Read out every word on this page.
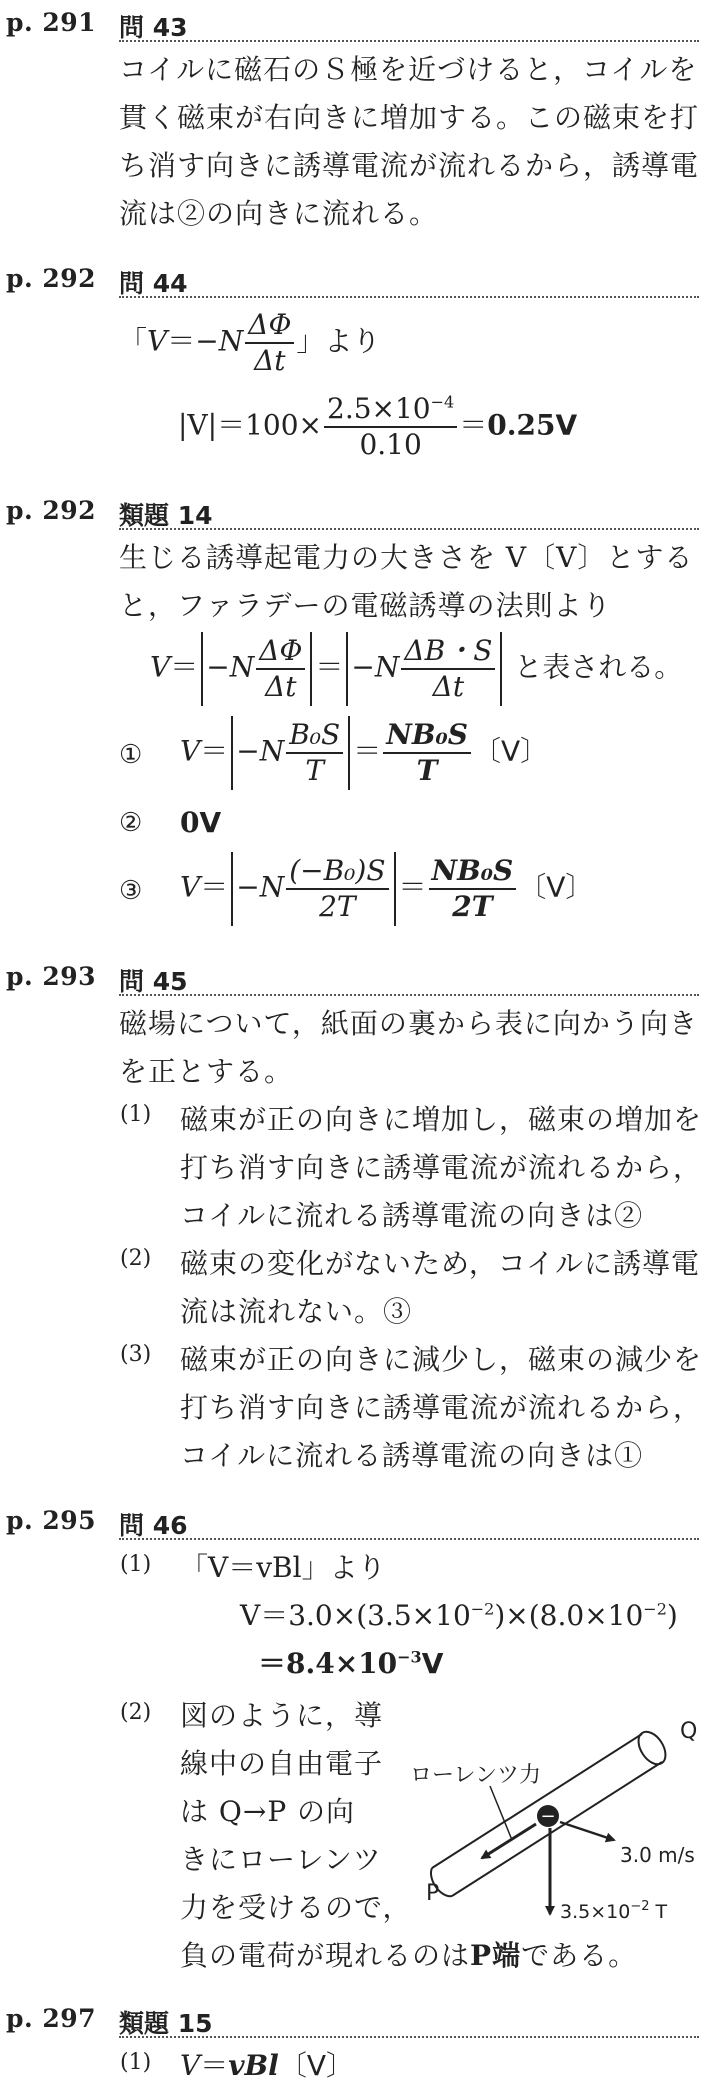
p. 291 問 43
コイルに磁石のＳ極を近づけると，コイルを
貫く磁束が右向きに増加する。この磁束を打
ち消す向きに誘導電流が流れるから，誘導電
流は②の向きに流れる。
p. 292 問 44
「$V=-N \frac{\Delta\Phi}{\Delta t}$ 」より
$|V|=100\times \frac{2.5\times 10^{-4}}{0.10} =0.25V$
p. 292 類題 14
生じる誘導起電力の大きさを V〔V〕とする
と，ファラデーの電磁誘導の法則より
$V= -N \frac{\Delta\Phi}{\Delta t} = -N \frac{\Delta B・S}{\Delta t}$ と表される。
① $V= -N \frac{\text{B₀S}}{T} = \frac{\text{NB₀S}}{T}$ 〔V〕
② 0V
③ $V= -N \frac{\text{(−B₀)S}}{2T} = \frac{\text{NB₀S}}{2T}$ 〔V〕
p. 293 問 45
磁場について，紙面の裏から表に向かう向き
を正とする。
(1) 磁束が正の向きに増加し，磁束の増加を
打ち消す向きに誘導電流が流れるから，
コイルに流れる誘導電流の向きは②
(2) 磁束の変化がないため，コイルに誘導電
流は流れない。③
(3) 磁束が正の向きに減少し，磁束の減少を
打ち消す向きに誘導電流が流れるから，
コイルに流れる誘導電流の向きは①
p. 295 問 46
(1) 「V＝vBl」より
$V=3.0\times(3.5\times 10^{-2})\times(8.0\times 10^{-2})$
$=8.4\times 10^{-3}V$
(2) 図のように，導
線中の自由電子
は Q→P の向
きにローレンツ
力を受けるので，
負の電荷が現れるのはP端である。
−
ローレンツ力
Q
P
3.0 m/s
$3.5\times 10^{-2}$ T
p. 297 類題 15
(1) V＝vBl〔V〕
